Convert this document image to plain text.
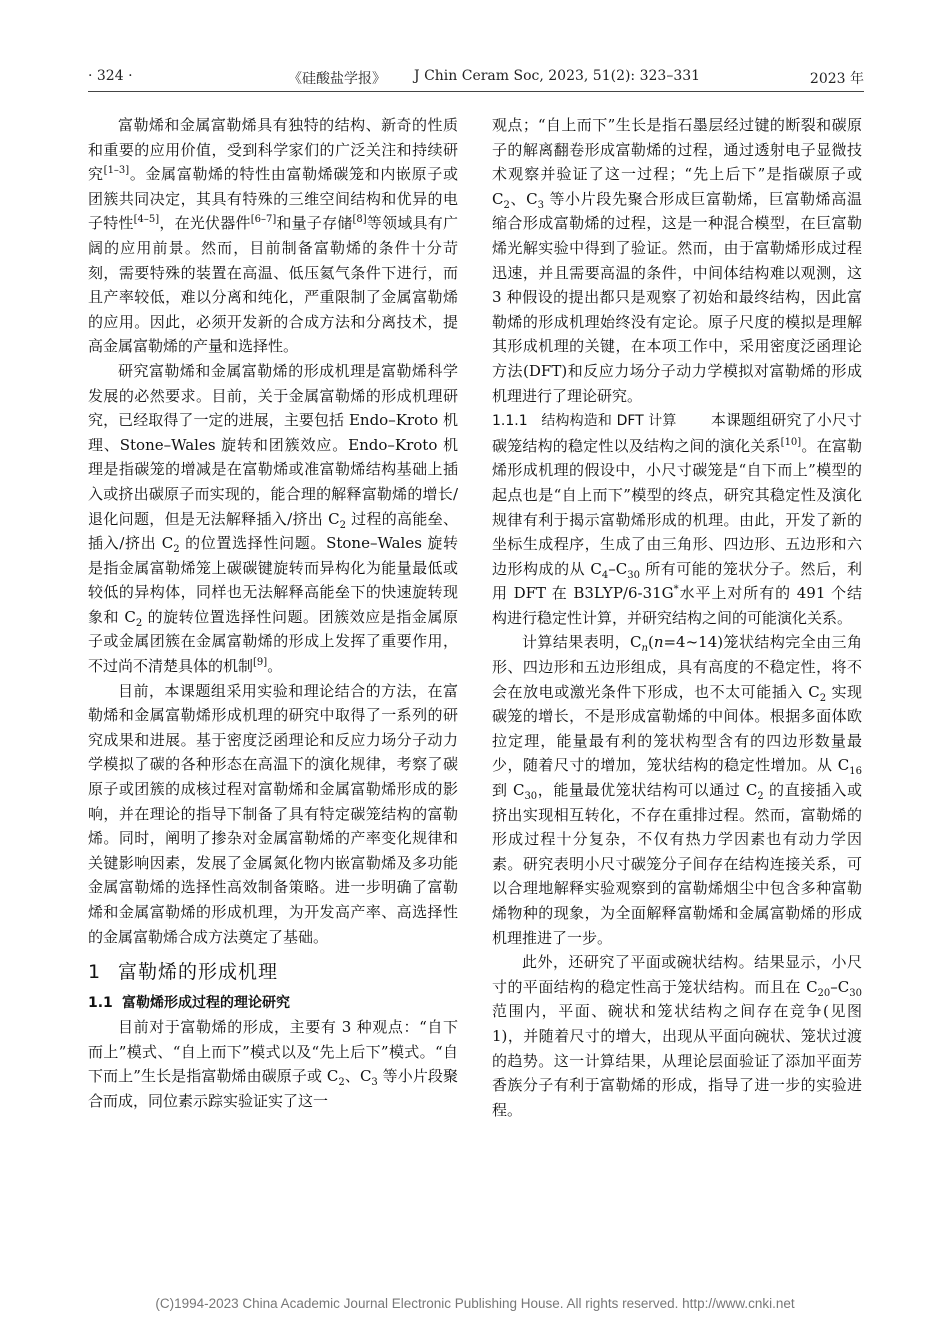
· 324 ·	《硅酸盐学报》 J Chin Ceram Soc, 2023, 51(2): 323–331	2023 年

富勒烯和金属富勒烯具有独特的结构、新奇的性质和重要的应用价值，受到科学家们的广泛关注和持续研究[1–3]。金属富勒烯的特性由富勒烯碳笼和内嵌原子或团簇共同决定，其具有特殊的三维空间结构和优异的电子特性[4–5]，在光伏器件[6–7]和量子存储[8]等领域具有广阔的应用前景。然而，目前制备富勒烯的条件十分苛刻，需要特殊的装置在高温、低压氦气条件下进行，而且产率较低，难以分离和纯化，严重限制了金属富勒烯的应用。因此，必须开发新的合成方法和分离技术，提高金属富勒烯的产量和选择性。

研究富勒烯和金属富勒烯的形成机理是富勒烯科学发展的必然要求。目前，关于金属富勒烯的形成机理研究，已经取得了一定的进展，主要包括 Endo–Kroto 机理、Stone–Wales 旋转和团簇效应。Endo–Kroto 机理是指碳笼的增减是在富勒烯或准富勒烯结构基础上插入或挤出碳原子而实现的，能合理的解释富勒烯的增长/退化问题，但是无法解释插入/挤出 $C_2$ 过程的高能垒、插入/挤出 $C_2$ 的位置选择性问题。Stone–Wales 旋转是指金属富勒烯笼上碳碳键旋转而异构化为能量最低或较低的异构体，同样也无法解释高能垒下的快速旋转现象和 $C_2$ 的旋转位置选择性问题。团簇效应是指金属原子或金属团簇在金属富勒烯的形成上发挥了重要作用，不过尚不清楚具体的机制[9]。

目前，本课题组采用实验和理论结合的方法，在富勒烯和金属富勒烯形成机理的研究中取得了一系列的研究成果和进展。基于密度泛函理论和反应力场分子动力学模拟了碳的各种形态在高温下的演化规律，考察了碳原子或团簇的成核过程对富勒烯和金属富勒烯形成的影响，并在理论的指导下制备了具有特定碳笼结构的富勒烯。同时，阐明了掺杂对金属富勒烯的产率变化规律和关键影响因素，发展了金属氮化物内嵌富勒烯及多功能金属富勒烯的选择性高效制备策略。进一步明确了富勒烯和金属富勒烯的形成机理，为开发高产率、高选择性的金属富勒烯合成方法奠定了基础。

1 富勒烯的形成机理
1.1 富勒烯形成过程的理论研究

目前对于富勒烯的形成，主要有 3 种观点：“自下而上”模式、“自上而下”模式以及“先上后下”模式。“自下而上”生长是指富勒烯由碳原子或 $C_2$、$C_3$ 等小片段聚合而成，同位素示踪实验证实了这一

观点；“自上而下”生长是指石墨层经过键的断裂和碳原子的解离翻卷形成富勒烯的过程，通过透射电子显微技术观察并验证了这一过程；“先上后下”是指碳原子或 $C_2$、$C_3$ 等小片段先聚合形成巨富勒烯，巨富勒烯高温缩合形成富勒烯的过程，这是一种混合模型，在巨富勒烯光解实验中得到了验证。然而，由于富勒烯形成过程迅速，并且需要高温的条件，中间体结构难以观测，这 3 种假设的提出都只是观察了初始和最终结构，因此富勒烯的形成机理始终没有定论。原子尺度的模拟是理解其形成机理的关键，在本项工作中，采用密度泛函理论方法(DFT)和反应力场分子动力学模拟对富勒烯的形成机理进行了理论研究。

1.1.1 结构构造和 DFT 计算 本课题组研究了小尺寸碳笼结构的稳定性以及结构之间的演化关系[10]。在富勒烯形成机理的假设中，小尺寸碳笼是“自下而上”模型的起点也是“自上而下”模型的终点，研究其稳定性及演化规律有利于揭示富勒烯形成的机理。由此，开发了新的坐标生成程序，生成了由三角形、四边形、五边形和六边形构成的从 $C_4-C_{30}$ 所有可能的笼状分子。然后，利用 DFT 在 B3LYP/6-31G*水平上对所有的 491 个结构进行稳定性计算，并研究结构之间的可能演化关系。

计算结果表明，$C_n(n=4\sim 14)$笼状结构完全由三角形、四边形和五边形组成，具有高度的不稳定性，将不会在放电或激光条件下形成，也不太可能插入 $C_2$ 实现碳笼的增长，不是形成富勒烯的中间体。根据多面体欧拉定理，能量最有利的笼状构型含有的四边形数量最少，随着尺寸的增加，笼状结构的稳定性增加。从 $C_{16}$ 到 $C_{30}$，能量最优笼状结构可以通过 $C_2$ 的直接插入或挤出实现相互转化，不存在重排过程。然而，富勒烯的形成过程十分复杂，不仅有热力学因素也有动力学因素。研究表明小尺寸碳笼分子间存在结构连接关系，可以合理地解释实验观察到的富勒烯烟尘中包含多种富勒烯物种的现象，为全面解释富勒烯和金属富勒烯的形成机理推进了一步。

此外，还研究了平面或碗状结构。结果显示，小尺寸的平面结构的稳定性高于笼状结构。而且在 $C_{20}-C_{30}$ 范围内，平面、碗状和笼状结构之间存在竞争(见图 1)，并随着尺寸的增大，出现从平面向碗状、笼状过渡的趋势。这一计算结果，从理论层面验证了添加平面芳香族分子有利于富勒烯的形成，指导了进一步的实验进程。

(C)1994-2023 China Academic Journal Electronic Publishing House. All rights reserved. http://www.cnki.net
